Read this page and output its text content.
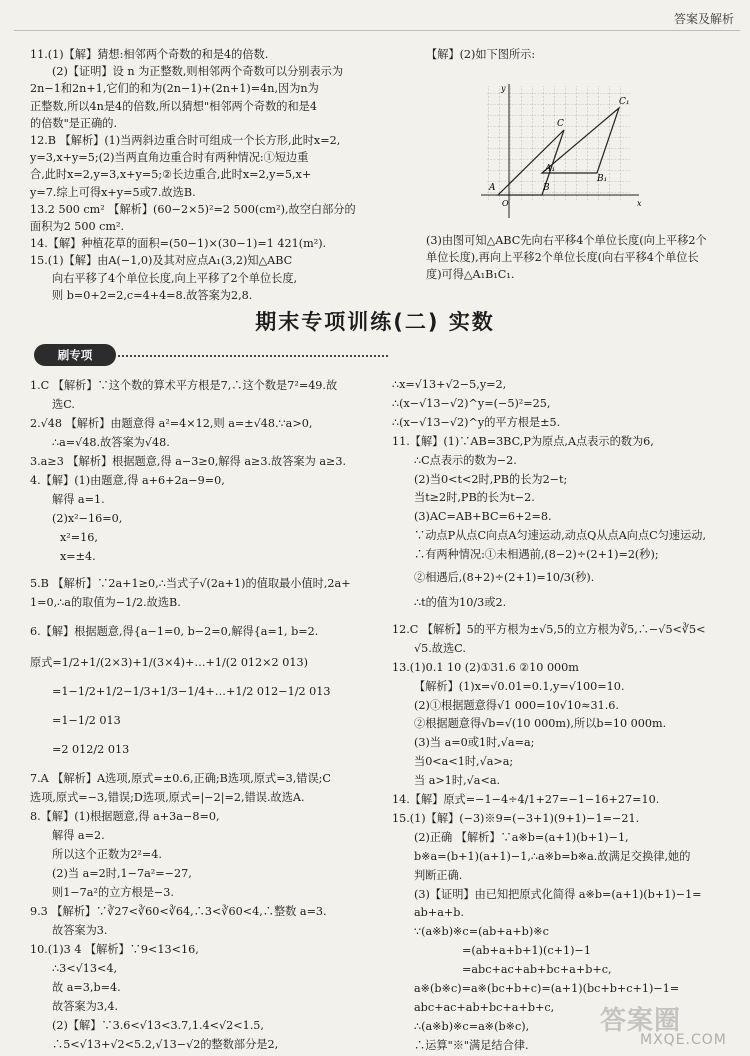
答案及解析

11.(1)【解】猜想:相邻两个奇数的和是4的倍数.

(2)【证明】设 n 为正整数,则相邻两个奇数可以分别表示为

2n−1和2n+1,它们的和为(2n−1)+(2n+1)=4n,因为n为

正整数,所以4n是4的倍数,所以猜想"相邻两个奇数的和是4

的倍数"是正确的.

12.B 【解析】(1)当两斜边重合时可组成一个长方形,此时x=2,

y=3,x+y=5;(2)当两直角边重合时有两种情况:①短边重

合,此时x=2,y=3,x+y=5;②长边重合,此时x=2,y=5,x+

y=7.综上可得x+y=5或7.故选B.

13.2 500 cm² 【解析】(60−2×5)²=2 500(cm²),故空白部分的

面积为2 500 cm².

14.【解】种植花草的面积=(50−1)×(30−1)=1 421(m²).

15.(1)【解】由A(−1,0)及其对应点A₁(3,2)知△ABC

向右平移了4个单位长度,向上平移了2个单位长度,

则 b=0+2=2,c=4+4=8.故答案为2,8.

【解】(2)如下图所示:

A	B
C
A₁
B₁
C₁
O	x
y

(3)由图可知△ABC先向右平移4个单位长度(向上平移2个

单位长度),再向上平移2个单位长度(向右平移4个单位长

度)可得△A₁B₁C₁.

期末专项训练(二) 实数
刷专项

1.C 【解析】∵这个数的算术平方根是7,∴这个数是7²=49.故

选C.

2.√48 【解析】由题意得 a²=4×12,则 a=±√48.∵a>0,

∴a=√48.故答案为√48.

3.a≥3 【解析】根据题意,得 a−3≥0,解得 a≥3.故答案为 a≥3.

4.【解】(1)由题意,得 a+6+2a−9=0,

解得 a=1.

(2)x²−16=0,

x²=16,

x=±4.

5.B 【解析】∵2a+1≥0,∴当式子√(2a+1)的值取最小值时,2a+

1=0,∴a的取值为−1/2.故选B.

6.【解】根据题意,得{a−1=0, b−2=0,解得{a=1, b=2.

原式=1/2+1/(2×3)+1/(3×4)+…+1/(2 012×2 013)

=1−1/2+1/2−1/3+1/3−1/4+…+1/2 012−1/2 013

=1−1/2 013

=2 012/2 013

7.A 【解析】A选项,原式=±0.6,正确;B选项,原式=3,错误;C

选项,原式=−3,错误;D选项,原式=|−2|=2,错误.故选A.

8.【解】(1)根据题意,得 a+3a−8=0,

解得 a=2.

所以这个正数为2²=4.

(2)当 a=2时,1−7a²=−27,

则1−7a²的立方根是−3.

9.3 【解析】∵∛27<∛60<∛64,∴3<∛60<4,∴整数 a=3.

故答案为3.

10.(1)3 4 【解析】∵9<13<16,

∴3<√13<4,

故 a=3,b=4.

故答案为3,4.

(2)【解】∵3.6<√13<3.7,1.4<√2<1.5,

∴5<√13+√2<5.2,√13−√2的整数部分是2,

∴x=√13+√2−5,y=2,

∴(x−√13−√2)^y=(−5)²=25,

∴(x−√13−√2)^y的平方根是±5.

11.【解】(1)∵AB=3BC,P为原点,A点表示的数为6,

∴C点表示的数为−2.

(2)当0<t<2时,PB的长为2−t;

当t≥2时,PB的长为t−2.

(3)AC=AB+BC=6+2=8.

∵动点P从点C向点A匀速运动,动点Q从点A向点C匀速运动,

∴有两种情况:①未相遇前,(8−2)÷(2+1)=2(秒);

②相遇后,(8+2)÷(2+1)=10/3(秒).

∴t的值为10/3或2.

12.C 【解析】5的平方根为±√5,5的立方根为∛5,∴−√5<∛5<

√5.故选C.

13.(1)0.1 10 (2)①31.6 ②10 000m

【解析】(1)x=√0.01=0.1,y=√100=10.

(2)①根据题意得√1 000=10√10≈31.6.

②根据题意得√b=√(10 000m),所以b=10 000m.

(3)当 a=0或1时,√a=a;

当0<a<1时,√a>a;

当 a>1时,√a<a.

14.【解】原式=−1−4÷4/1+27=−1−16+27=10.

15.(1)【解】(−3)※9=(−3+1)(9+1)−1=−21.

(2)正确 【解析】∵a※b=(a+1)(b+1)−1,

b※a=(b+1)(a+1)−1,∴a※b=b※a.故满足交换律,她的

判断正确.

(3)【证明】由已知把原式化简得 a※b=(a+1)(b+1)−1=

ab+a+b.

∵(a※b)※c=(ab+a+b)※c

=(ab+a+b+1)(c+1)−1

=abc+ac+ab+bc+a+b+c,

a※(b※c)=a※(bc+b+c)=(a+1)(bc+b+c+1)−1=

abc+ac+ab+bc+a+b+c,

∴(a※b)※c=a※(b※c),

∴运算"※"满足结合律.

答案圈
MXQE.COM
